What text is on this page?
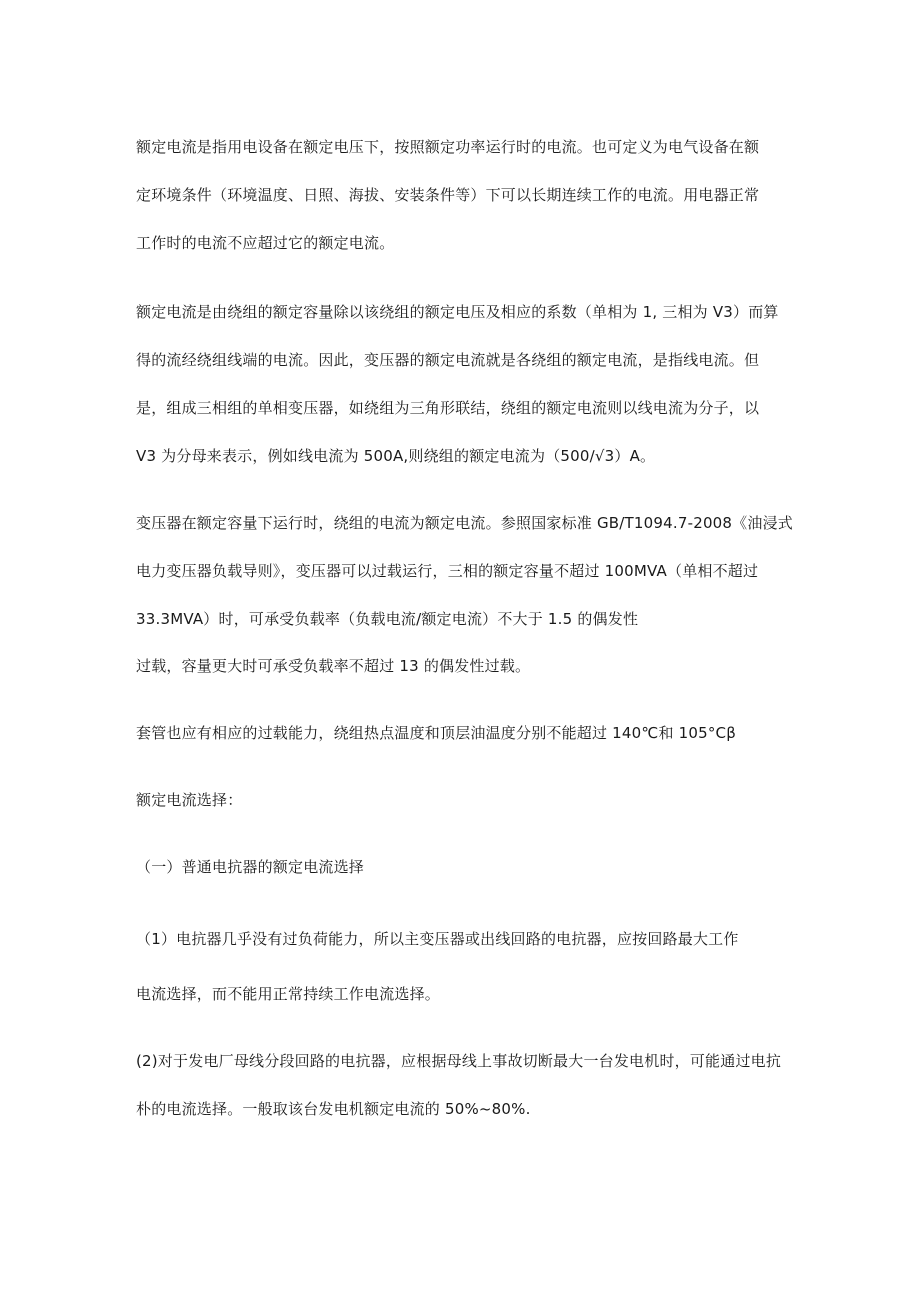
额定电流是指用电设备在额定电压下，按照额定功率运行时的电流。也可定义为电气设备在额
定环境条件（环境温度、日照、海拔、安装条件等）下可以长期连续工作的电流。用电器正常
工作时的电流不应超过它的额定电流。
额定电流是由绕组的额定容量除以该绕组的额定电压及相应的系数（单相为 1, 三相为 V3）而算
得的流经绕组线端的电流。因此，变压器的额定电流就是各绕组的额定电流，是指线电流。但
是，组成三相组的单相变压器，如绕组为三角形联结，绕组的额定电流则以线电流为分子，以
V3 为分母来表示，例如线电流为 500A,则绕组的额定电流为（500∕√3）A。
变压器在额定容量下运行时，绕组的电流为额定电流。参照国家标准 GB/T1094.7-2008《油浸式
电力变压器负载导则》，变压器可以过载运行，三相的额定容量不超过 100MVA（单相不超过
33.3MVA）时，可承受负载率（负载电流/额定电流）不大于 1.5 的偶发性
过载，容量更大时可承受负载率不超过 13 的偶发性过载。
套管也应有相应的过载能力，绕组热点温度和顶层油温度分别不能超过 140℃和 105°Cβ
额定电流选择：
（一）普通电抗器的额定电流选择
（1）电抗器几乎没有过负荷能力，所以主变压器或出线回路的电抗器，应按回路最大工作
电流选择，而不能用正常持续工作电流选择。
(2)对于发电厂母线分段回路的电抗器，应根据母线上事故切断最大一台发电机时，可能通过电抗
朴的电流选择。一般取该台发电机额定电流的 50%~80%.
